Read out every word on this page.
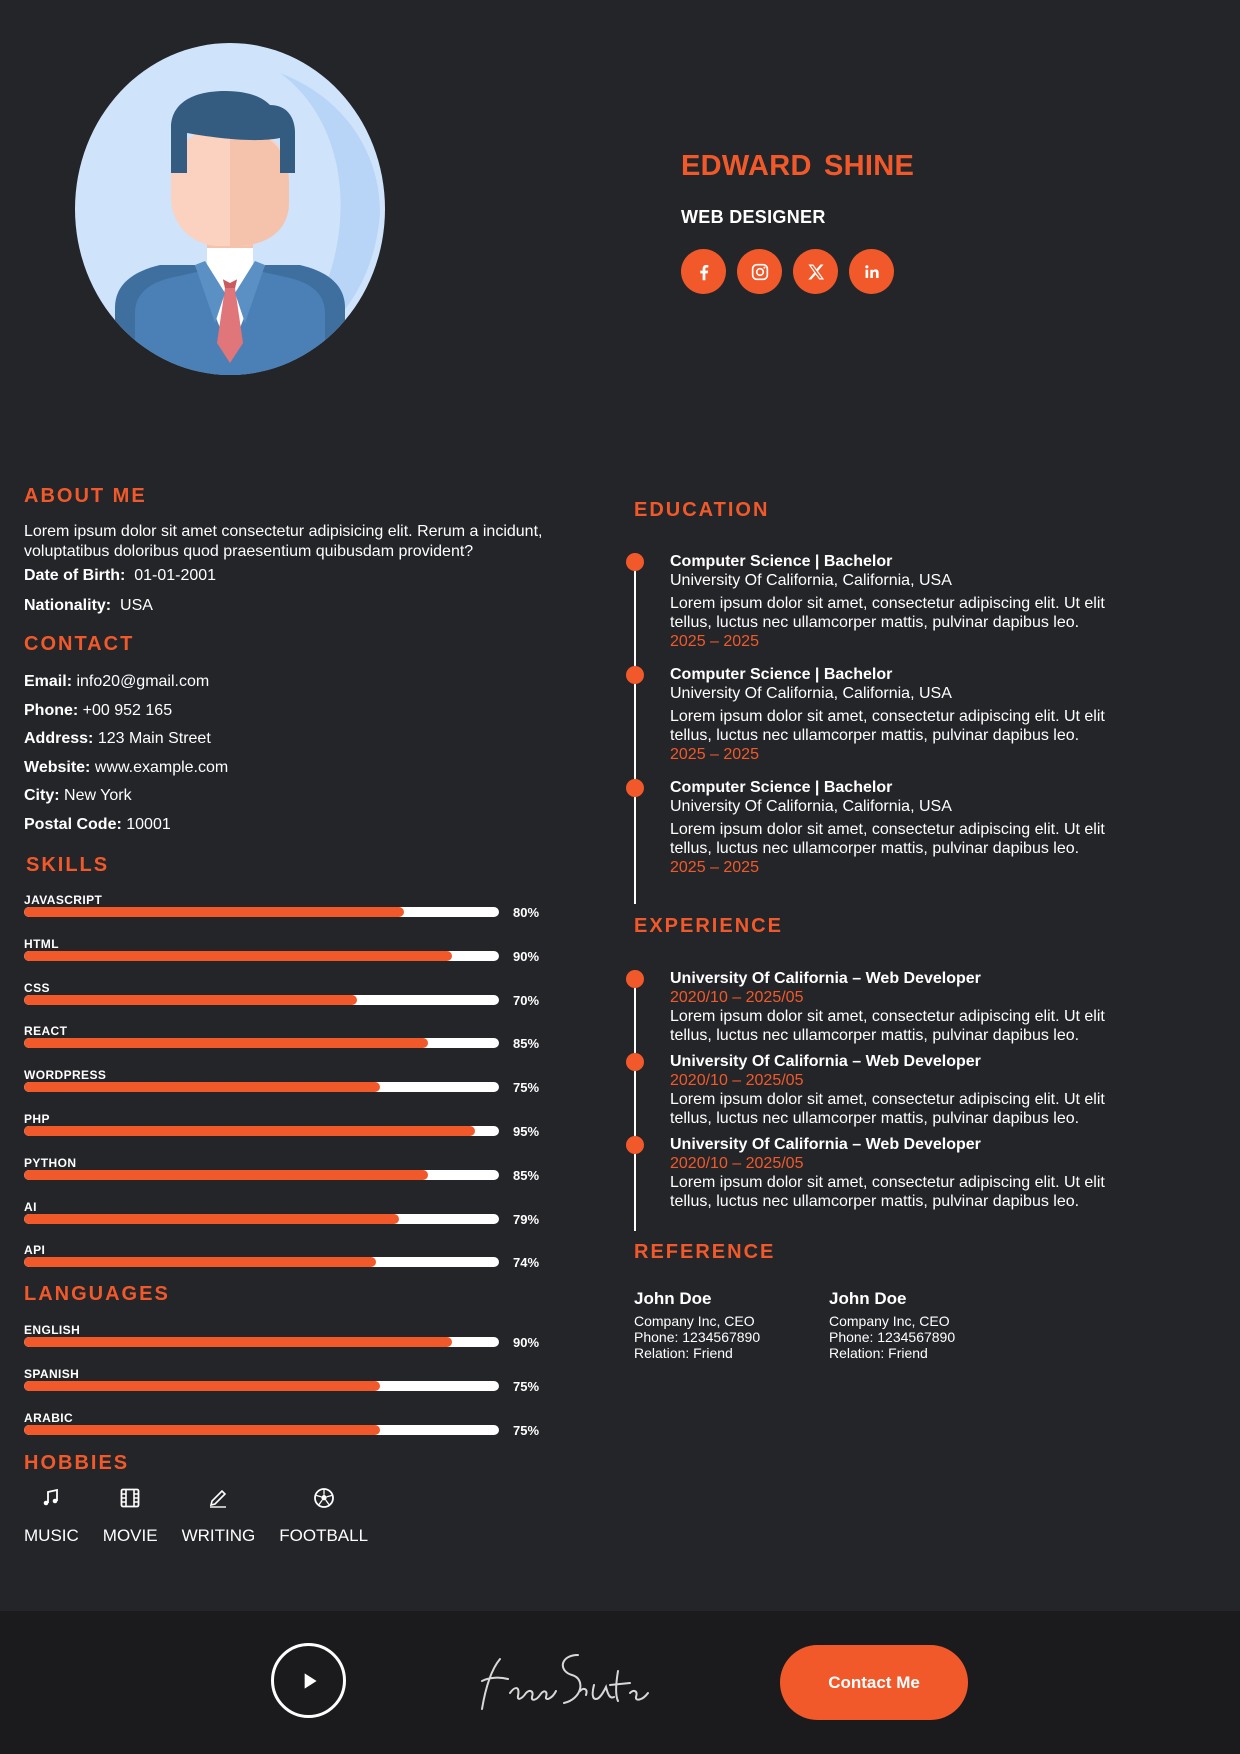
EDWARD SHINE
WEB DESIGNER
ABOUT ME
Lorem ipsum dolor sit amet consectetur adipisicing elit. Rerum a incidunt, voluptatibus doloribus quod praesentium quibusdam provident?
Date of Birth: 01-01-2001
Nationality: USA
CONTACT
Email: info20@gmail.com
Phone: +00 952 165
Address: 123 Main Street
Website: www.example.com
City: New York
Postal Code: 10001
SKILLS
JAVASCRIPT
80%
HTML
90%
CSS
70%
REACT
85%
WORDPRESS
75%
PHP
95%
PYTHON
85%
AI
79%
API
74%
LANGUAGES
ENGLISH
90%
SPANISH
75%
ARABIC
75%
HOBBIES
MUSIC MOVIE WRITING FOOTBALL
EDUCATION
Computer Science | Bachelor
University Of California, California, USA
Lorem ipsum dolor sit amet, consectetur adipiscing elit. Ut elit tellus, luctus nec ullamcorper mattis, pulvinar dapibus leo.
2025 – 2025
Computer Science | Bachelor
University Of California, California, USA
Lorem ipsum dolor sit amet, consectetur adipiscing elit. Ut elit tellus, luctus nec ullamcorper mattis, pulvinar dapibus leo.
2025 – 2025
Computer Science | Bachelor
University Of California, California, USA
Lorem ipsum dolor sit amet, consectetur adipiscing elit. Ut elit tellus, luctus nec ullamcorper mattis, pulvinar dapibus leo.
2025 – 2025
EXPERIENCE
University Of California – Web Developer
2020/10 – 2025/05
Lorem ipsum dolor sit amet, consectetur adipiscing elit. Ut elit tellus, luctus nec ullamcorper mattis, pulvinar dapibus leo.
University Of California – Web Developer
2020/10 – 2025/05
Lorem ipsum dolor sit amet, consectetur adipiscing elit. Ut elit tellus, luctus nec ullamcorper mattis, pulvinar dapibus leo.
University Of California – Web Developer
2020/10 – 2025/05
Lorem ipsum dolor sit amet, consectetur adipiscing elit. Ut elit tellus, luctus nec ullamcorper mattis, pulvinar dapibus leo.
REFERENCE
John Doe
Company Inc, CEO
Phone: 1234567890
Relation: Friend
John Doe
Company Inc, CEO
Phone: 1234567890
Relation: Friend
Contact Me
